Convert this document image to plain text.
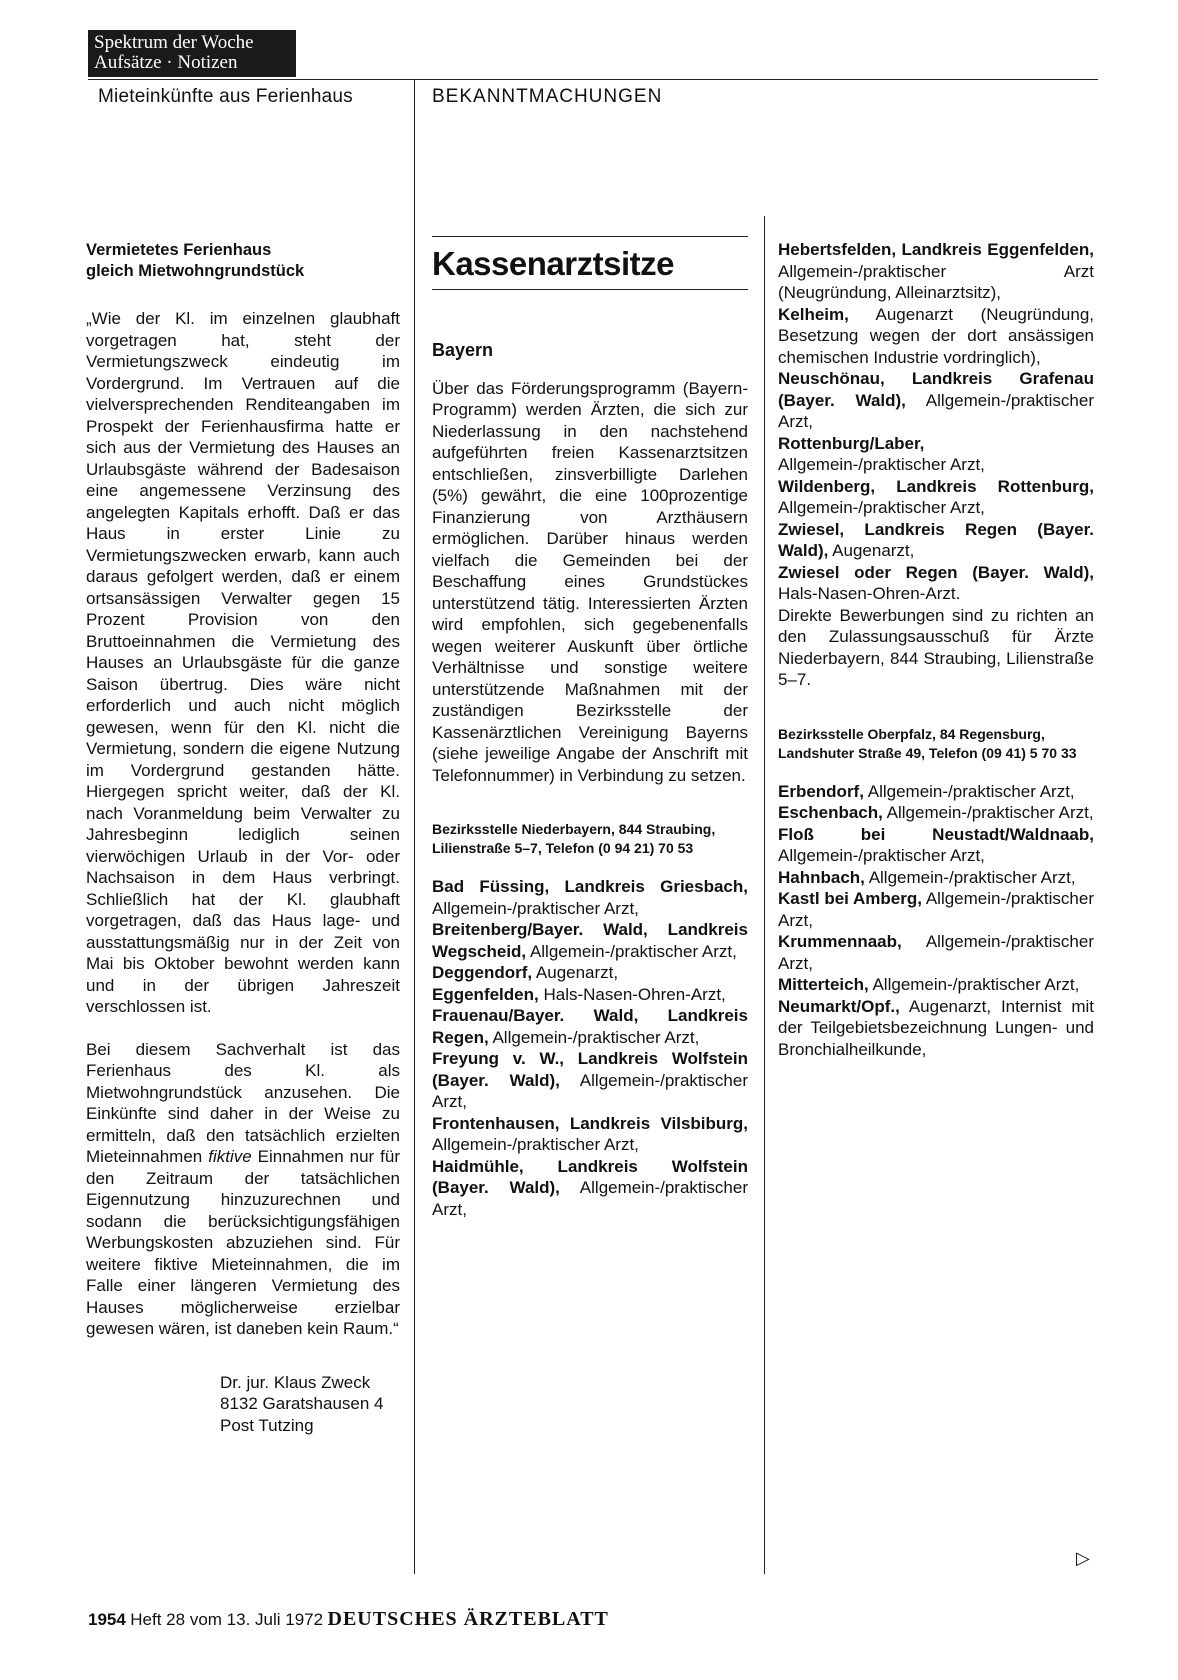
Spektrum der Woche
Aufsätze · Notizen
Mieteinkünfte aus Ferienhaus	BEKANNTMACHUNGEN
Vermietetes Ferienhaus
gleich Mietwohngrundstück

„Wie der Kl. im einzelnen glaubhaft vorgetragen hat, steht der Vermietungszweck eindeutig im Vordergrund. Im Vertrauen auf die vielversprechenden Renditeangaben im Prospekt der Ferienhausfirma hatte er sich aus der Vermietung des Hauses an Urlaubsgäste während der Badesaison eine angemessene Verzinsung des angelegten Kapitals erhofft. Daß er das Haus in erster Linie zu Vermietungszwecken erwarb, kann auch daraus gefolgert werden, daß er einem ortsansässigen Verwalter gegen 15 Prozent Provision von den Bruttoeinnahmen die Vermietung des Hauses an Urlaubsgäste für die ganze Saison übertrug. Dies wäre nicht erforderlich und auch nicht möglich gewesen, wenn für den Kl. nicht die Vermietung, sondern die eigene Nutzung im Vordergrund gestanden hätte. Hiergegen spricht weiter, daß der Kl. nach Voranmeldung beim Verwalter zu Jahresbeginn lediglich seinen vierwöchigen Urlaub in der Vor- oder Nachsaison in dem Haus verbringt. Schließlich hat der Kl. glaubhaft vorgetragen, daß das Haus lage- und ausstattungsmäßig nur in der Zeit von Mai bis Oktober bewohnt werden kann und in der übrigen Jahreszeit verschlossen ist.

Bei diesem Sachverhalt ist das Ferienhaus des Kl. als Mietwohngrundstück anzusehen. Die Einkünfte sind daher in der Weise zu ermitteln, daß den tatsächlich erzielten Mieteinnahmen fiktive Einnahmen nur für den Zeitraum der tatsächlichen Eigennutzung hinzuzurechnen und sodann die berücksichtigungsfähigen Werbungskosten abzuziehen sind. Für weitere fiktive Mieteinnahmen, die im Falle einer längeren Vermietung des Hauses möglicherweise erzielbar gewesen wären, ist daneben kein Raum.“

Dr. jur. Klaus Zweck
8132 Garatshausen 4
Post Tutzing
Kassenarztsitze
Bayern

Über das Förderungsprogramm (Bayern-Programm) werden Ärzten, die sich zur Niederlassung in den nachstehend aufgeführten freien Kassenarztsitzen entschließen, zinsverbilligte Darlehen (5%) gewährt, die eine 100prozentige Finanzierung von Arzthäusern ermöglichen. Darüber hinaus werden vielfach die Gemeinden bei der Beschaffung eines Grundstückes unterstützend tätig. Interessierten Ärzten wird empfohlen, sich gegebenenfalls wegen weiterer Auskunft über örtliche Verhältnisse und sonstige weitere unterstützende Maßnahmen mit der zuständigen Bezirksstelle der Kassenärztlichen Vereinigung Bayerns (siehe jeweilige Angabe der Anschrift mit Telefonnummer) in Verbindung zu setzen.

Bezirksstelle Niederbayern, 844 Straubing, Lilienstraße 5–7, Telefon (0 94 21) 70 53

Bad Füssing, Landkreis Griesbach, Allgemein-/praktischer Arzt,

Breitenberg/Bayer. Wald, Landkreis Wegscheid, Allgemein-/praktischer Arzt,

Deggendorf, Augenarzt,

Eggenfelden, Hals-Nasen-Ohren-Arzt,

Frauenau/Bayer. Wald, Landkreis Regen, Allgemein-/praktischer Arzt,

Freyung v. W., Landkreis Wolfstein (Bayer. Wald), Allgemein-/praktischer Arzt,

Frontenhausen, Landkreis Vilsbiburg, Allgemein-/praktischer Arzt,

Haidmühle, Landkreis Wolfstein (Bayer. Wald), Allgemein-/praktischer Arzt,

Hebertsfelden, Landkreis Eggenfelden, Allgemein-/praktischer Arzt (Neugründung, Alleinarztsitz),

Kelheim, Augenarzt (Neugründung, Besetzung wegen der dort ansässigen chemischen Industrie vordringlich),

Neuschönau, Landkreis Grafenau (Bayer. Wald), Allgemein-/praktischer Arzt,

Rottenburg/Laber, Allgemein-/praktischer Arzt,

Wildenberg, Landkreis Rottenburg, Allgemein-/praktischer Arzt,

Zwiesel, Landkreis Regen (Bayer. Wald), Augenarzt,

Zwiesel oder Regen (Bayer. Wald), Hals-Nasen-Ohren-Arzt.

Direkte Bewerbungen sind zu richten an den Zulassungsausschuß für Ärzte Niederbayern, 844 Straubing, Lilienstraße 5–7.

Bezirksstelle Oberpfalz, 84 Regensburg, Landshuter Straße 49, Telefon (09 41) 5 70 33

Erbendorf, Allgemein-/praktischer Arzt,

Eschenbach, Allgemein-/praktischer Arzt,

Floß bei Neustadt/Waldnaab, Allgemein-/praktischer Arzt,

Hahnbach, Allgemein-/praktischer Arzt,

Kastl bei Amberg, Allgemein-/praktischer Arzt,

Krummennaab, Allgemein-/praktischer Arzt,

Mitterteich, Allgemein-/praktischer Arzt,

Neumarkt/Opf., Augenarzt, Internist mit der Teilgebietsbezeichnung Lungen- und Bronchialheilkunde,

▷
1954 Heft 28 vom 13. Juli 1972 DEUTSCHES ÄRZTEBLATT
